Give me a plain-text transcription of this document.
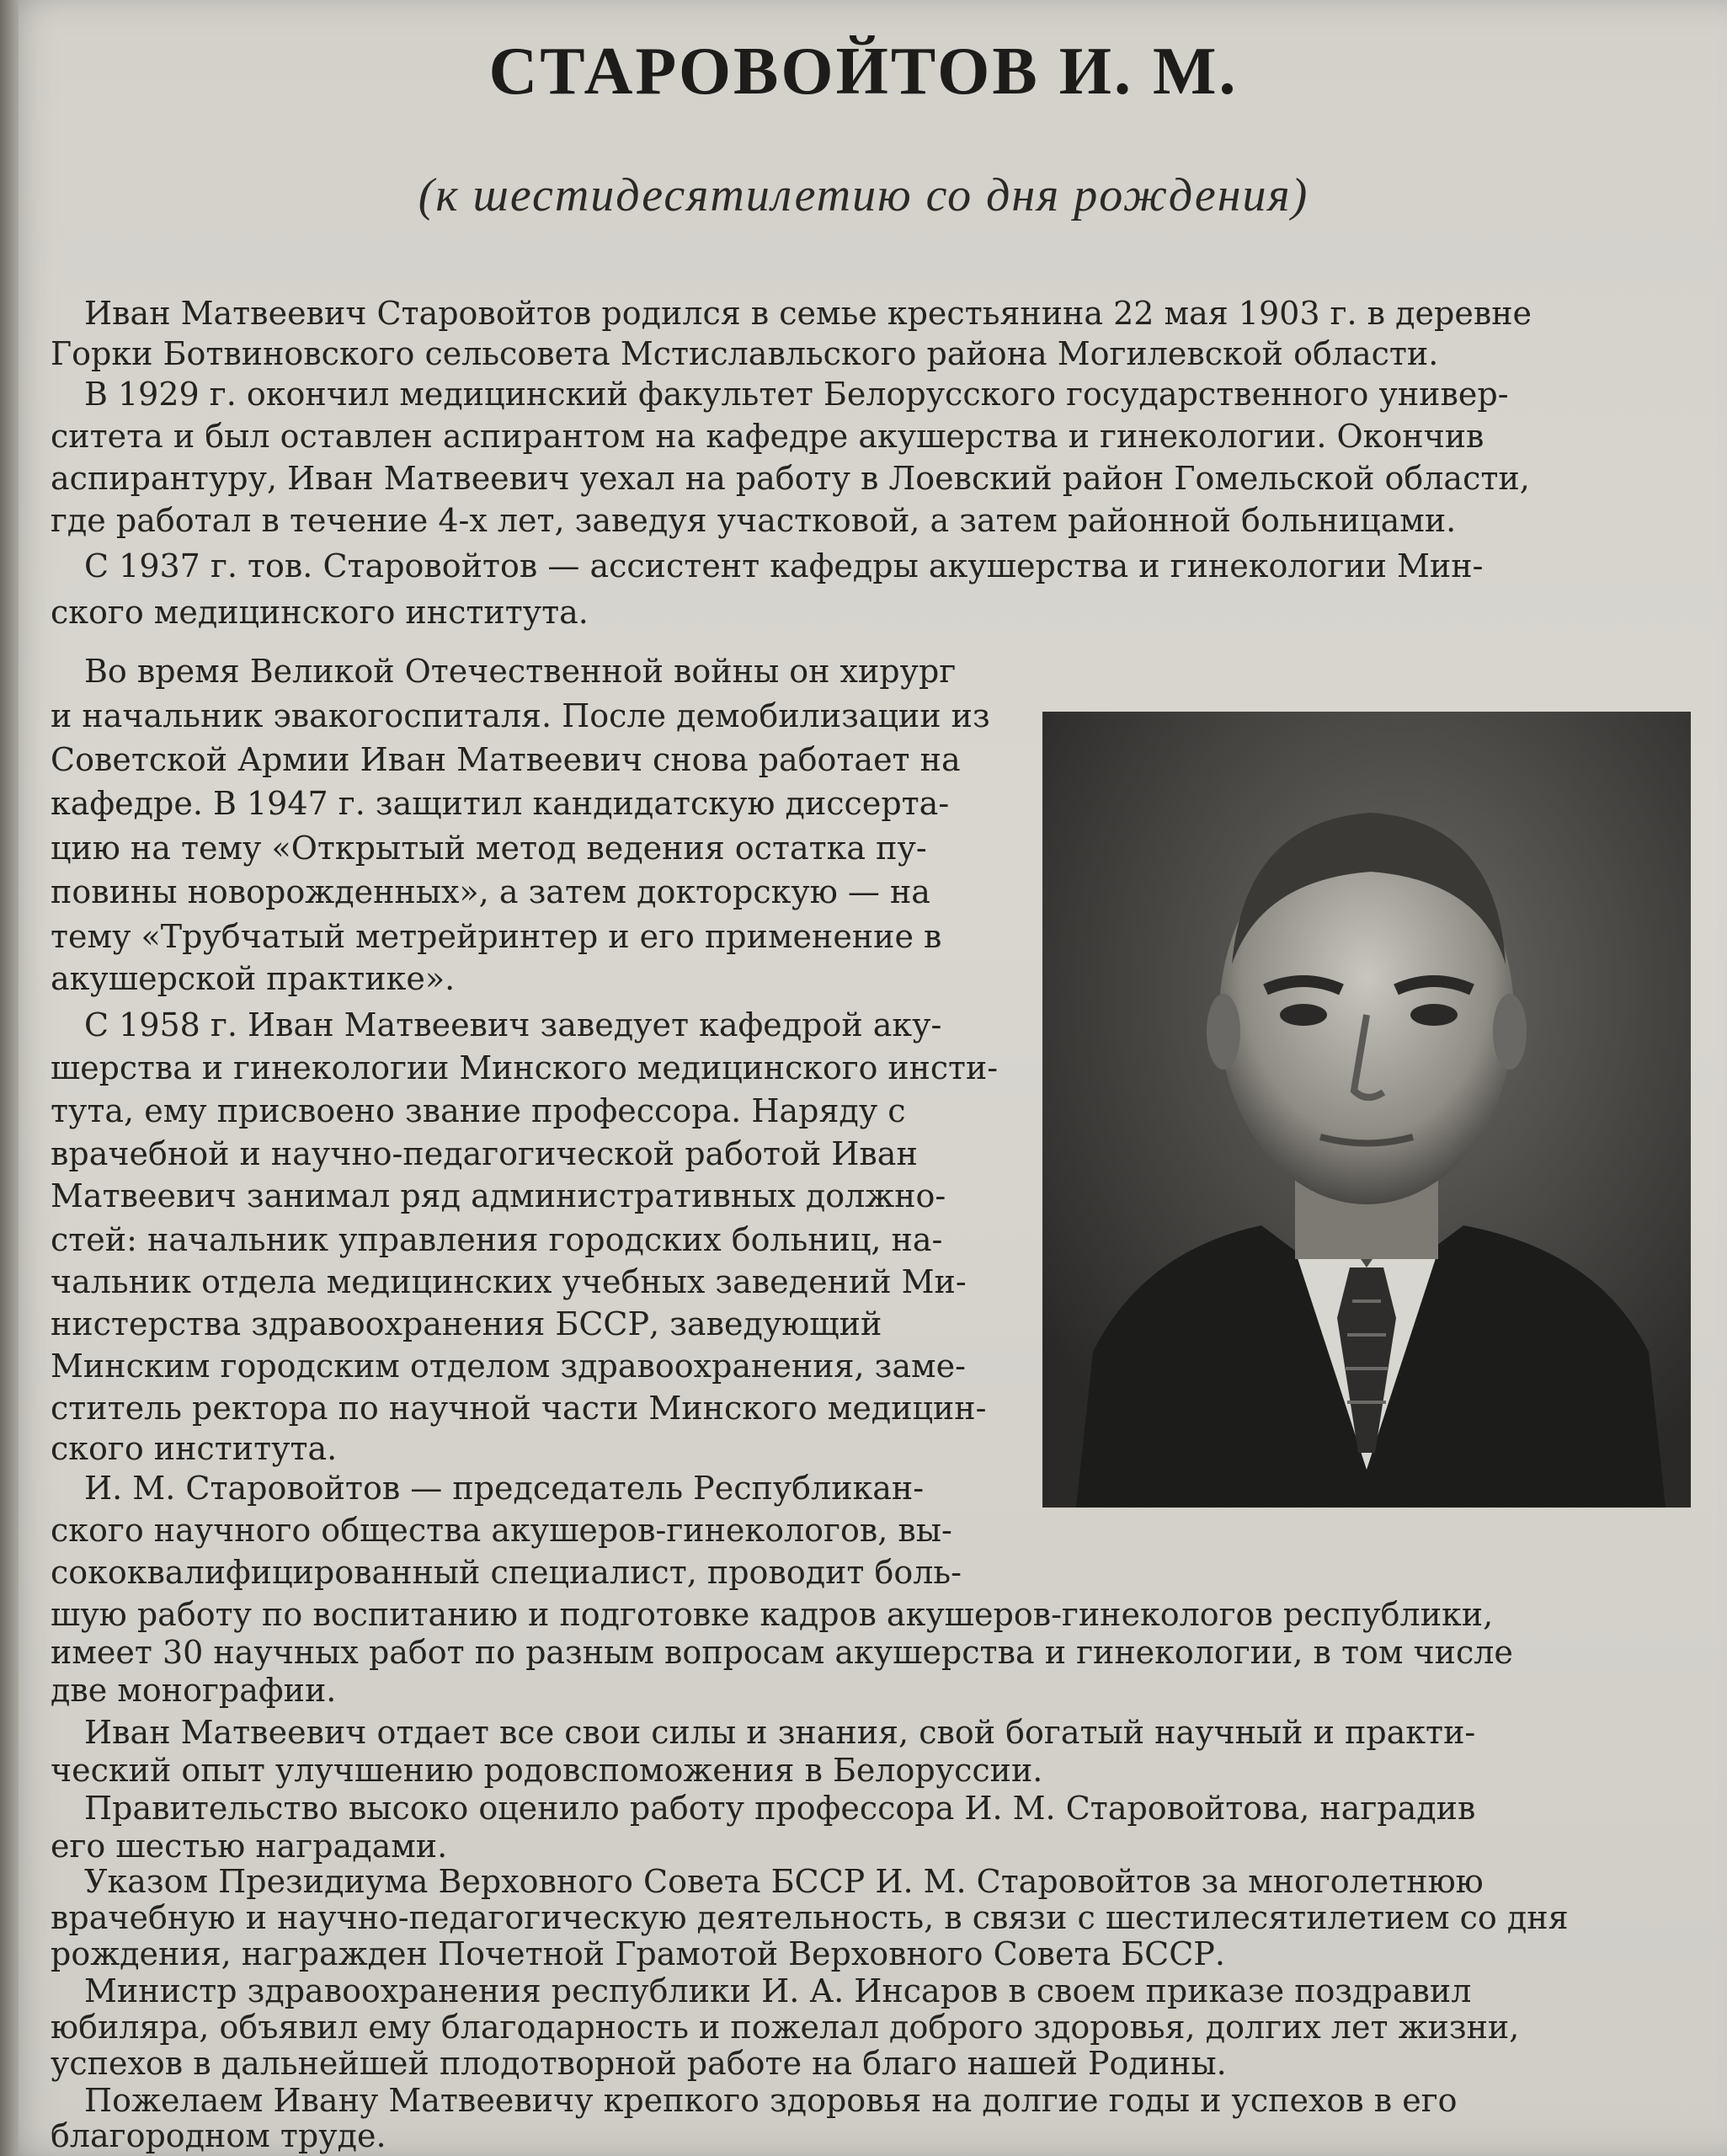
СТАРОВОЙТОВ И. М.
(к шестидесятилетию со дня рождения)
Иван Матвеевич Старовойтов родился в семье крестьянина 22 мая 1903 г. в деревне
Горки Ботвиновского сельсовета Мстиславльского района Могилевской области.
В 1929 г. окончил медицинский факультет Белорусского государственного универ-
ситета и был оставлен аспирантом на кафедре акушерства и гинекологии. Окончив
аспирантуру, Иван Матвеевич уехал на работу в Лоевский район Гомельской области,
где работал в течение 4-х лет, заведуя участковой, а затем районной больницами.
С 1937 г. тов. Старовойтов — ассистент кафедры акушерства и гинекологии Мин-
ского медицинского института.
Во время Великой Отечественной войны он хирург
и начальник эвакогоспиталя. После демобилизации из
Советской Армии Иван Матвеевич снова работает на
кафедре. В 1947 г. защитил кандидатскую диссерта-
цию на тему «Открытый метод ведения остатка пу-
повины новорожденных», а затем докторскую — на
тему «Трубчатый метрейринтер и его применение в
акушерской практике».
С 1958 г. Иван Матвеевич заведует кафедрой аку-
шерства и гинекологии Минского медицинского инсти-
тута, ему присвоено звание профессора. Наряду с
врачебной и научно-педагогической работой Иван
Матвеевич занимал ряд административных должно-
стей: начальник управления городских больниц, на-
чальник отдела медицинских учебных заведений Ми-
нистерства здравоохранения БССР, заведующий
Минским городским отделом здравоохранения, заме-
ститель ректора по научной части Минского медицин-
ского института.
И. М. Старовойтов — председатель Республикан-
ского научного общества акушеров-гинекологов, вы-
сококвалифицированный специалист, проводит боль-
шую работу по воспитанию и подготовке кадров акушеров-гинекологов республики,
имеет 30 научных работ по разным вопросам акушерства и гинекологии, в том числе
две монографии.
Иван Матвеевич отдает все свои силы и знания, свой богатый научный и практи-
ческий опыт улучшению родовспоможения в Белоруссии.
Правительство высоко оценило работу профессора И. М. Старовойтова, наградив
его шестью наградами.
Указом Президиума Верховного Совета БССР И. М. Старовойтов за многолетнюю
врачебную и научно-педагогическую деятельность, в связи с шестилесятилетием со дня
рождения, награжден Почетной Грамотой Верховного Совета БССР.
Министр здравоохранения республики И. А. Инсаров в своем приказе поздравил
юбиляра, объявил ему благодарность и пожелал доброго здоровья, долгих лет жизни,
успехов в дальнейшей плодотворной работе на благо нашей Родины.
Пожелаем Ивану Матвеевичу крепкого здоровья на долгие годы и успехов в его
благородном труде.
